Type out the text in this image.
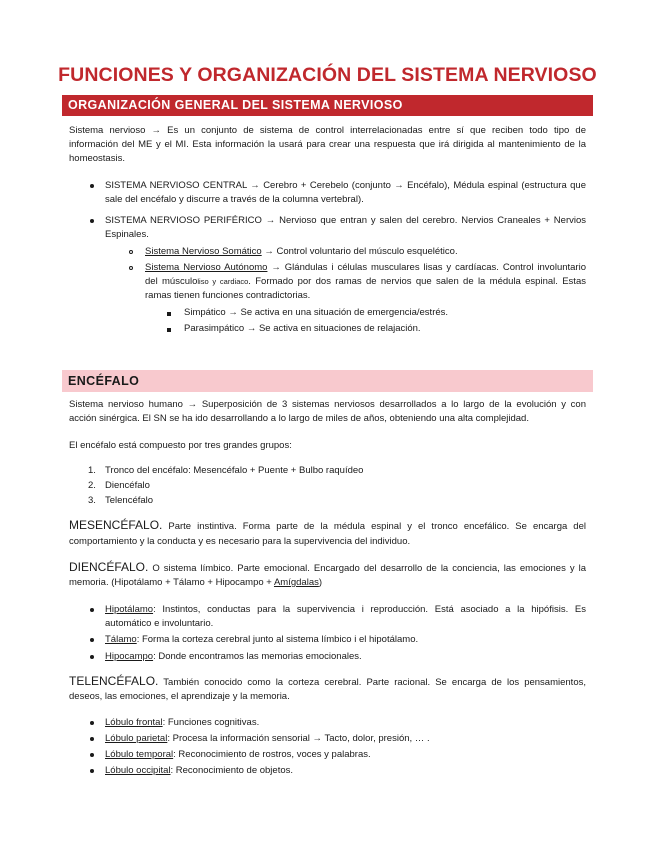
FUNCIONES Y ORGANIZACIÓN DEL SISTEMA NERVIOSO
ORGANIZACIÓN GENERAL DEL SISTEMA NERVIOSO
Sistema nervioso → Es un conjunto de sistema de control interrelacionadas entre sí que reciben todo tipo de
información del ME y el MI. Esta información la usará para crear una respuesta que irá dirigida al mantenimiento de la
homeostasis.
SISTEMA NERVIOSO CENTRAL → Cerebro + Cerebelo (conjunto → Encéfalo), Médula espinal (estructura que
sale del encéfalo y discurre a través de la columna vertebral).
SISTEMA NERVIOSO PERIFÉRICO → Nervioso que entran y salen del cerebro. Nervios Craneales + Nervios
Espinales.
Sistema Nervioso Somático → Control voluntario del músculo esquelético.
Sistema Nervioso Autónomo → Glándulas i células musculares lisas y cardíacas. Control involuntario
del músculoliso y cardiaco. Formado por dos ramas de nervios que salen de la médula espinal. Estas
ramas tienen funciones contradictorias.
Simpático → Se activa en una situación de emergencia/estrés.
Parasimpático → Se activa en situaciones de relajación.
ENCÉFALO
Sistema nervioso humano → Superposición de 3 sistemas nerviosos desarrollados a lo largo de la evolución y con
acción sinérgica. El SN se ha ido desarrollando a lo largo de miles de años, obteniendo una alta complejidad.
El encéfalo está compuesto por tres grandes grupos:
1. Tronco del encéfalo: Mesencéfalo + Puente + Bulbo raquídeo
2. Diencéfalo
3. Telencéfalo
MESENCÉFALO. Parte instintiva. Forma parte de la médula espinal y el tronco encefálico. Se encarga del
comportamiento y la conducta y es necesario para la supervivencia del individuo.
DIENCÉFALO. O sistema límbico. Parte emocional. Encargado del desarrollo de la conciencia, las emociones y la
memoria. (Hipotálamo + Tálamo + Hipocampo + Amígdalas)
Hipotálamo: Instintos, conductas para la supervivencia i reproducción. Está asociado a la hipófisis. Es
automático e involuntario.
Tálamo: Forma la corteza cerebral junto al sistema límbico i el hipotálamo.
Hipocampo: Donde encontramos las memorias emocionales.
TELENCÉFALO. También conocido como la corteza cerebral. Parte racional. Se encarga de los pensamientos,
deseos, las emociones, el aprendizaje y la memoria.
Lóbulo frontal: Funciones cognitivas.
Lóbulo parietal: Procesa la información sensorial → Tacto, dolor, presión, … .
Lóbulo temporal: Reconocimiento de rostros, voces y palabras.
Lóbulo occipital: Reconocimiento de objetos.
